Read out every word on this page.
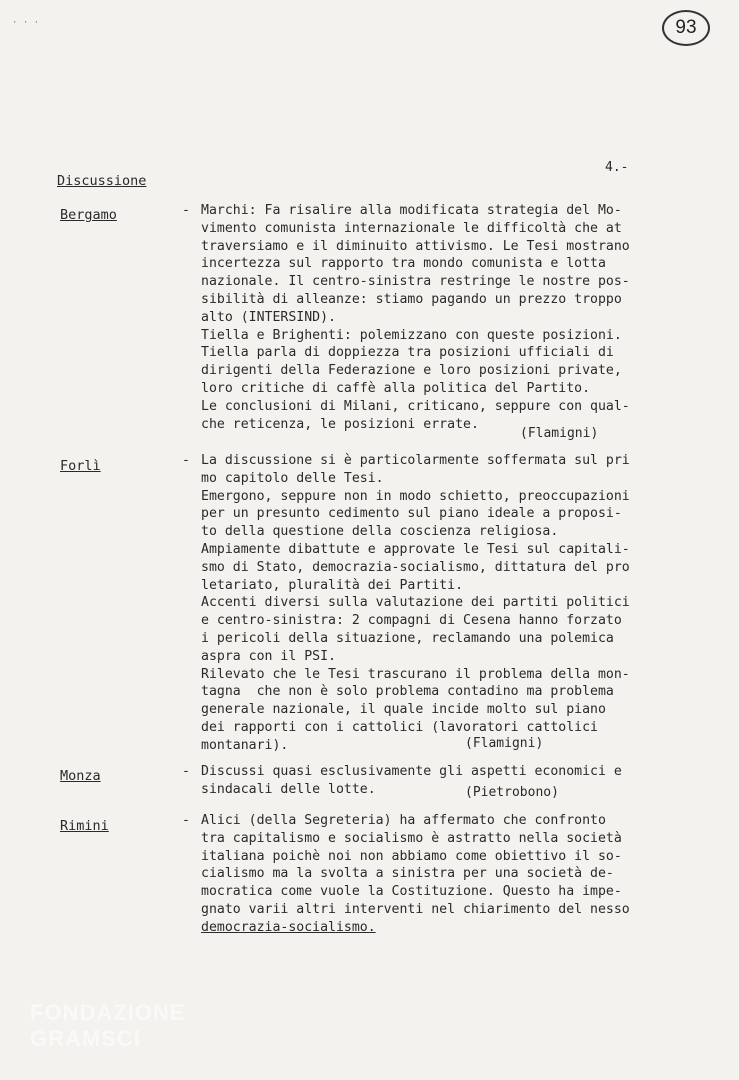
· · ·	93
4.-
Discussione
Bergamo

	-

Marchi: Fa risalire alla modificata strategia del Mo-

vimento comunista internazionale le difficoltà che at

traversiamo e il diminuito attivismo. Le Tesi mostrano

incertezza sul rapporto tra mondo comunista e lotta

nazionale. Il centro-sinistra restringe le nostre pos-

sibilità di alleanze: stiamo pagando un prezzo troppo

alto (INTERSIND).

Tiella e Brighenti: polemizzano con queste posizioni.

Tiella parla di doppiezza tra posizioni ufficiali di

dirigenti della Federazione e loro posizioni private,

loro critiche di caffè alla politica del Partito.

Le conclusioni di Milani, criticano, seppure con qual-

che reticenza, le posizioni errate.

(Flamigni)
Forlì

	-

La discussione si è particolarmente soffermata sul pri

mo capitolo delle Tesi.

Emergono, seppure non in modo schietto, preoccupazioni

per un presunto cedimento sul piano ideale a proposi-

to della questione della coscienza religiosa.

Ampiamente dibattute e approvate le Tesi sul capitali-

smo di Stato, democrazia-socialismo, dittatura del pro

letariato, pluralità dei Partiti.

Accenti diversi sulla valutazione dei partiti politici

e centro-sinistra: 2 compagni di Cesena hanno forzato

i pericoli della situazione, reclamando una polemica

aspra con il PSI.

Rilevato che le Tesi trascurano il problema della mon-

tagna  che non è solo problema contadino ma problema

generale nazionale, il quale incide molto sul piano

dei rapporti con i cattolici (lavoratori cattolici

montanari).

	(Flamigni)
Monza

	-

Discussi quasi esclusivamente gli aspetti economici e

sindacali delle lotte.

	(Pietrobono)
Rimini

	-

Alici (della Segreteria) ha affermato che confronto

tra capitalismo e socialismo è astratto nella società

italiana poichè noi non abbiamo come obiettivo il so-

cialismo ma la svolta a sinistra per una società de-

mocratica come vuole la Costituzione. Questo ha impe-

gnato varii altri interventi nel chiarimento del nesso

democrazia-socialismo.

FONDAZIONE
GRAMSCI
